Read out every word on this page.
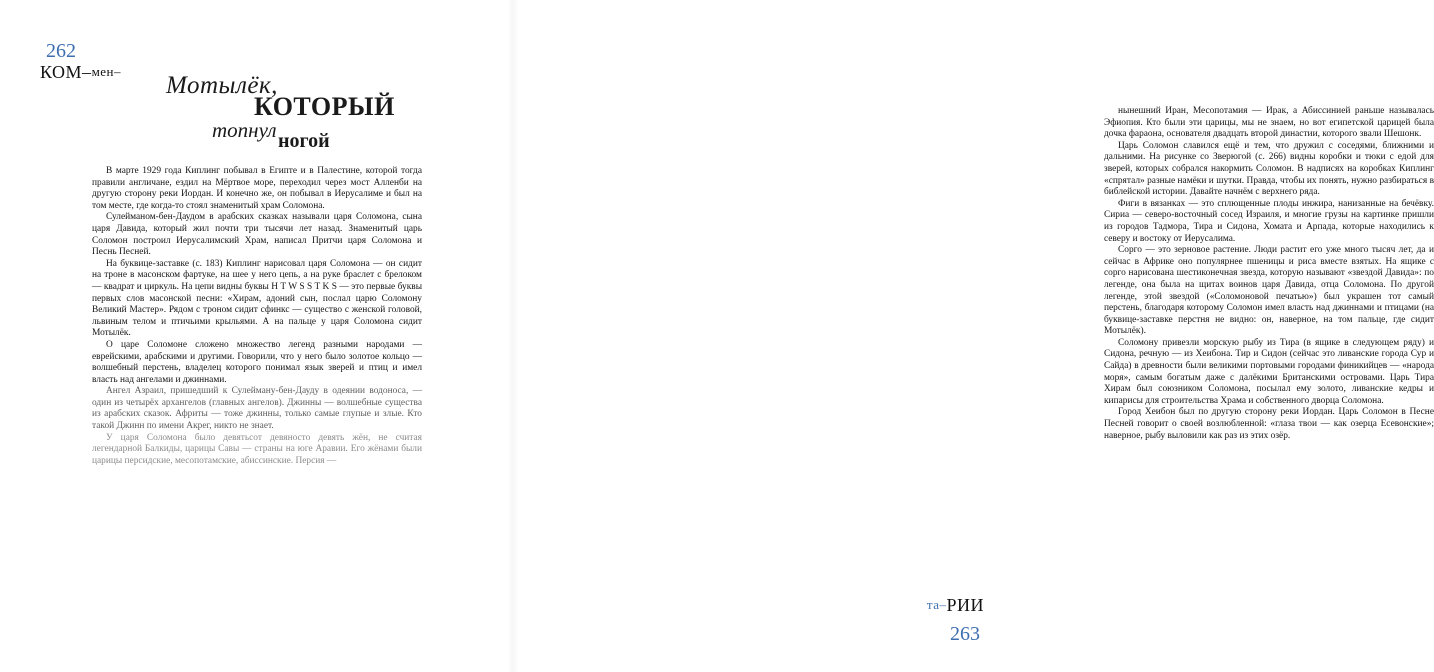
262
КОМ–мен–
Мотылёк,
КОТОРЫЙ
топнул ногой

В марте 1929 года Киплинг побывал в Египте и в Палестине, которой тогда правили англичане, ездил на Мёртвое море, переходил через мост Алленби на другую сторону реки Иордан. И конечно же, он побывал в Иерусалиме и был на том месте, где когда-то стоял знаменитый храм Соломона.

Сулейманом-бен-Даудом в арабских сказках называли царя Соломона, сына царя Давида, который жил почти три тысячи лет назад. Знаменитый царь Соломон построил Иерусалимский Храм, написал Притчи царя Соломона и Песнь Песней.

На буквице-заставке (с. 183) Киплинг нарисовал царя Соломона — он сидит на троне в масонском фартуке, на шее у него цепь, а на руке браслет с брелоком — квадрат и циркуль. На цепи видны буквы H T W S S T K S — это первые буквы первых слов масонской песни: «Хирам, адоний сын, послал царю Соломону Великий Мастер». Рядом с троном сидит сфинкс — существо с женской головой, львиным телом и птичьими крыльями. А на пальце у царя Соломона сидит Мотылёк.

О царе Соломоне сложено множество легенд разными народами — еврейскими, арабскими и другими. Говорили, что у него было золотое кольцо — волшебный перстень, владелец которого понимал язык зверей и птиц и имел власть над ангелами и джиннами.

Ангел Азраил, пришедший к Сулейману-бен-Дауду в одеянии водоноса, — один из четырёх архангелов (главных ангелов). Джинны — волшебные существа из арабских сказок. Африты — тоже джинны, только самые глупые и злые. Кто такой Джинн по имени Акрег, никто не знает.

У царя Соломона было девятьсот девяносто девять жён, не считая легендарной Балкиды, царицы Савы — страны на юге Аравии. Его жёнами были царицы персидские, месопотамские, абиссинские. Персия —

нынешний Иран, Месопотамия — Ирак, а Абиссинией раньше называлась Эфиопия. Кто были эти царицы, мы не знаем, но вот египетской царицей была дочка фараона, основателя двадцать второй династии, которого звали Шешонк.

Царь Соломон славился ещё и тем, что дружил с соседями, ближними и дальними. На рисунке со Зверюгой (с. 266) видны коробки и тюки с едой для зверей, которых собрался накормить Соломон. В надписях на коробках Киплинг «спрятал» разные намёки и шутки. Правда, чтобы их понять, нужно разбираться в библейской истории. Давайте начнём с верхнего ряда.

Фиги в вязанках — это сплющенные плоды инжира, нанизанные на бечёвку. Сириа — северо-восточный сосед Израиля, и многие грузы на картинке пришли из городов Тадмора, Тира и Сидона, Хомата и Арпада, которые находились к северу и востоку от Иерусалима.

Сорго — это зерновое растение. Люди растит его уже много тысяч лет, да и сейчас в Африке оно популярнее пшеницы и риса вместе взятых. На ящике с сорго нарисована шестиконечная звезда, которую называют «звездой Давида»: по легенде, она была на щитах воинов царя Давида, отца Соломона. По другой легенде, этой звездой («Соломоновой печатью») был украшен тот самый перстень, благодаря которому Соломон имел власть над джиннами и птицами (на буквице-заставке перстня не видно: он, наверное, на том пальце, где сидит Мотылёк).

Соломону привезли морскую рыбу из Тира (в ящике в следующем ряду) и Сидона, речную — из Хеибона. Тир и Сидон (сейчас это ливанские города Сур и Сайда) в древности были великими портовыми городами финикийцев — «народа моря», самым богатым даже с далёкими Британскими островами. Царь Тира Хирам был союзником Соломона, посылал ему золото, ливанские кедры и кипарисы для строительства Храма и собственного дворца Соломона.

Город Хеибон был по другую сторону реки Иордан. Царь Соломон в Песне Песней говорит о своей возлюбленной: «глаза твои — как озерца Есевонские»; наверное, рыбу выловили как раз из этих озёр.

та–РИИ
263
